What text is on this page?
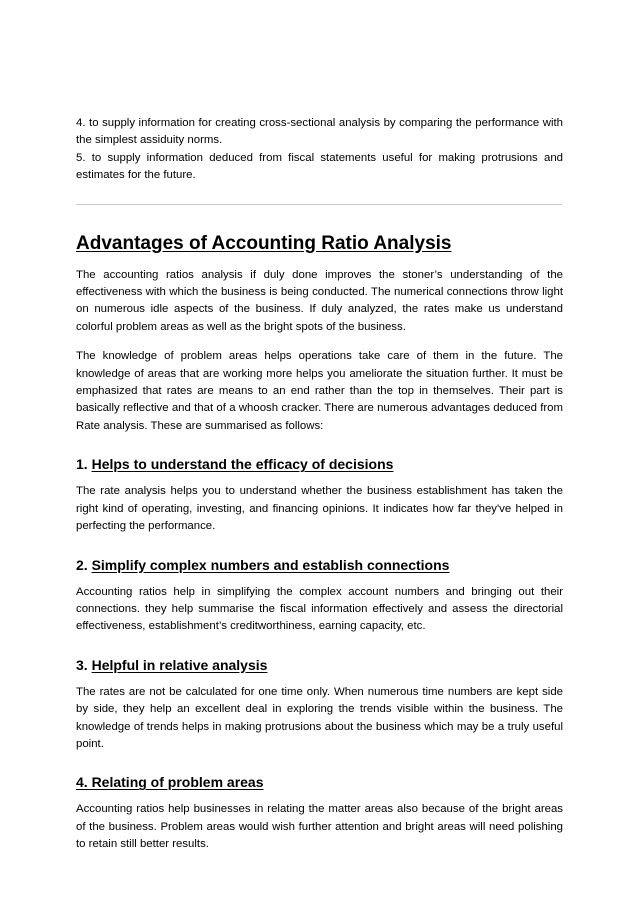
4. to supply information for creating cross-sectional analysis by comparing the performance with the simplest assiduity norms.

5. to supply information deduced from fiscal statements useful for making protrusions and estimates for the future.

Advantages of Accounting Ratio Analysis

The accounting ratios analysis if duly done improves the stoner’s understanding of the effectiveness with which the business is being conducted. The numerical connections throw light on numerous idle aspects of the business. If duly analyzed, the rates make us understand colorful problem areas as well as the bright spots of the business.

The knowledge of problem areas helps operations take care of them in the future. The knowledge of areas that are working more helps you ameliorate the situation further. It must be emphasized that rates are means to an end rather than the top in themselves. Their part is basically reflective and that of a whoosh cracker. There are numerous advantages deduced from Rate analysis. These are summarised as follows:

1. Helps to understand the efficacy of decisions

The rate analysis helps you to understand whether the business establishment has taken the right kind of operating, investing, and financing opinions. It indicates how far they've helped in perfecting the performance.

2. Simplify complex numbers and establish connections

Accounting ratios help in simplifying the complex account numbers and bringing out their connections. they help summarise the fiscal information effectively and assess the directorial effectiveness, establishment’s creditworthiness, earning capacity, etc.

3. Helpful in relative analysis

The rates are not be calculated for one time only. When numerous time numbers are kept side by side, they help an excellent deal in exploring the trends visible within the business. The knowledge of trends helps in making protrusions about the business which may be a truly useful point.

4. Relating of problem areas

Accounting ratios help businesses in relating the matter areas also because of the bright areas of the business. Problem areas would wish further attention and bright areas will need polishing to retain still better results.
